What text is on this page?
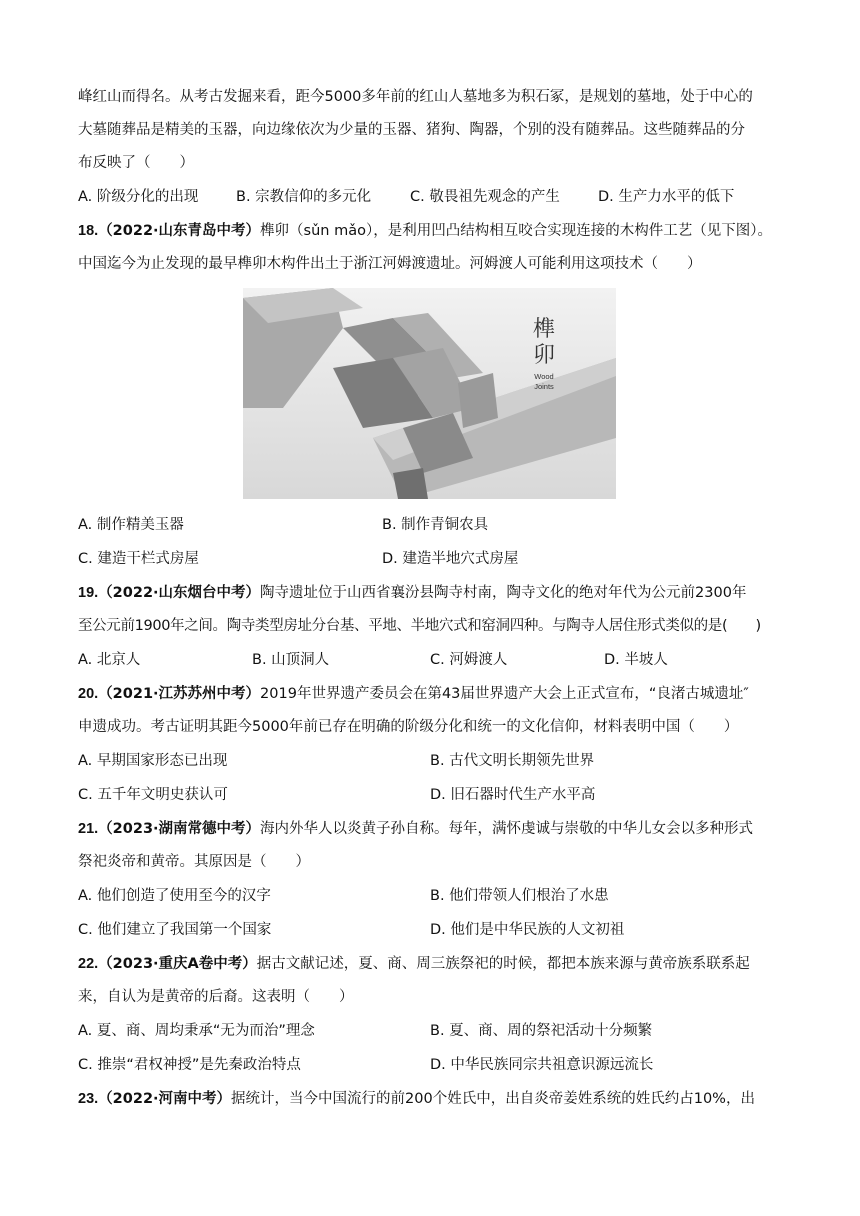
峰红山而得名。从考古发掘来看，距今5000多年前的红山人墓地多为积石冢，是规划的墓地，处于中心的
大墓随葬品是精美的玉器，向边缘依次为少量的玉器、猪狗、陶器，个别的没有随葬品。这些随葬品的分
布反映了（　　）
A. 阶级分化的出现	B. 宗教信仰的多元化	C. 敬畏祖先观念的产生	D. 生产力水平的低下
18.（2022·山东青岛中考）榫卯（sǔn mǎo），是利用凹凸结构相互咬合实现连接的木构件工艺（见下图）。
中国迄今为止发现的最早榫卯木构件出土于浙江河姆渡遗址。河姆渡人可能利用这项技术（　　）
榫
卯
Wood
Joints
A. 制作精美玉器	B. 制作青铜农具
C. 建造干栏式房屋	D. 建造半地穴式房屋
19.（2022·山东烟台中考）陶寺遗址位于山西省襄汾县陶寺村南，陶寺文化的绝对年代为公元前2300年
至公元前1900年之间。陶寺类型房址分台基、平地、半地穴式和窑洞四种。与陶寺人居住形式类似的是(　　)
A. 北京人	B. 山顶洞人	C. 河姆渡人	D. 半坡人
20.（2021·江苏苏州中考）2019年世界遗产委员会在第43届世界遗产大会上正式宣布，“良渚古城遗址″
申遗成功。考古证明其距今5000年前已存在明确的阶级分化和统一的文化信仰，材料表明中国（　　）
A. 早期国家形态已出现	B. 古代文明长期领先世界
C. 五千年文明史获认可	D. 旧石器时代生产水平高
21.（2023·湖南常德中考）海内外华人以炎黄子孙自称。每年，满怀虔诚与崇敬的中华儿女会以多种形式
祭祀炎帝和黄帝。其原因是（　　）
A. 他们创造了使用至今的汉字	B. 他们带领人们根治了水患
C. 他们建立了我国第一个国家	D. 他们是中华民族的人文初祖
22.（2023·重庆A卷中考）据古文献记述，夏、商、周三族祭祀的时候，都把本族来源与黄帝族系联系起
来，自认为是黄帝的后裔。这表明（　　）
A. 夏、商、周均秉承“无为而治”理念	B. 夏、商、周的祭祀活动十分频繁
C. 推崇“君权神授”是先秦政治特点	D. 中华民族同宗共祖意识源远流长
23.（2022·河南中考）据统计，当今中国流行的前200个姓氏中，出自炎帝姜姓系统的姓氏约占10%，出
